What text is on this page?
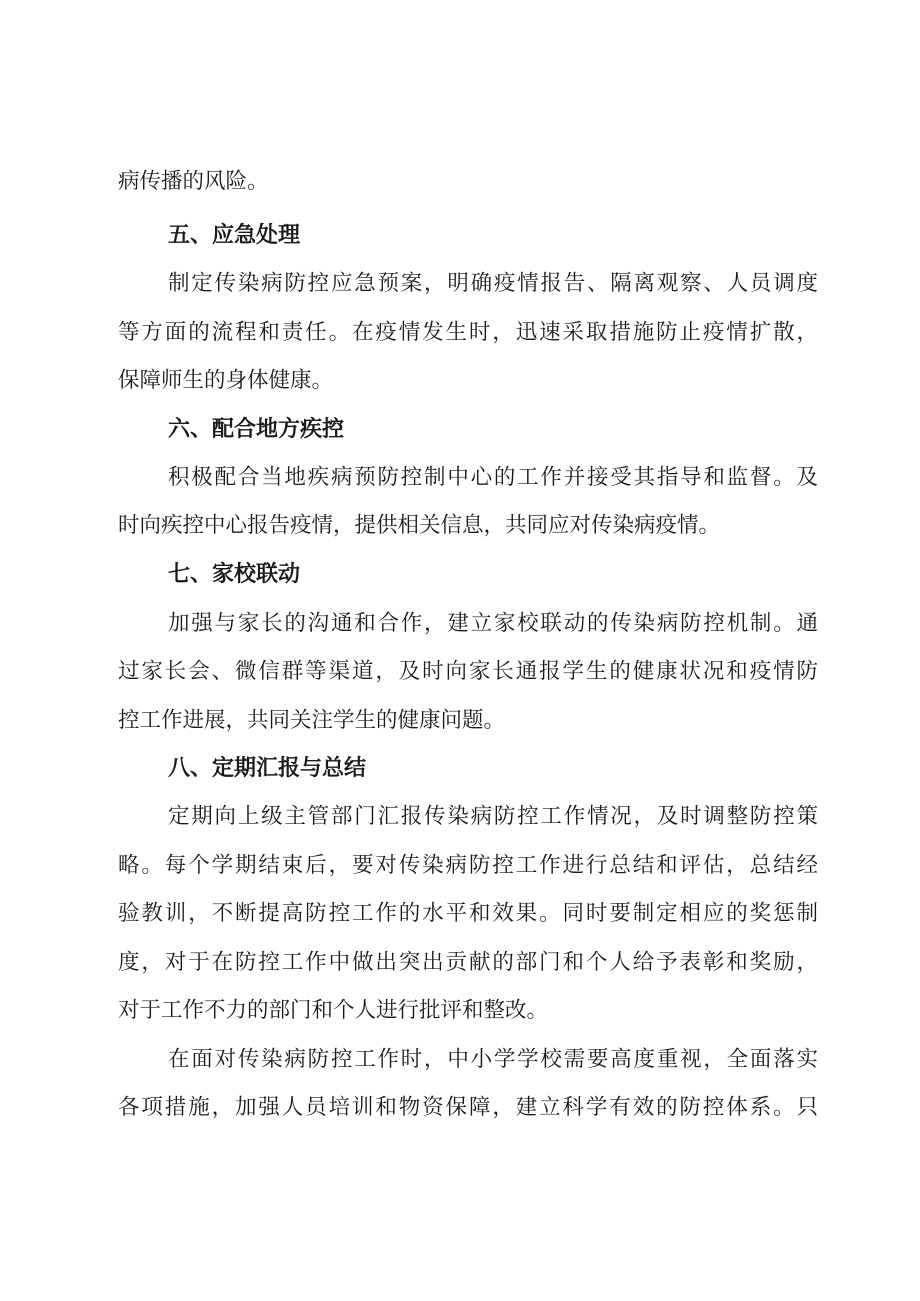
病传播的风险。
五、应急处理
制定传染病防控应急预案，明确疫情报告、隔离观察、人员调度
等方面的流程和责任。在疫情发生时，迅速采取措施防止疫情扩散，
保障师生的身体健康。
六、配合地方疾控
积极配合当地疾病预防控制中心的工作并接受其指导和监督。及
时向疾控中心报告疫情，提供相关信息，共同应对传染病疫情。
七、家校联动
加强与家长的沟通和合作，建立家校联动的传染病防控机制。通
过家长会、微信群等渠道，及时向家长通报学生的健康状况和疫情防
控工作进展，共同关注学生的健康问题。
八、定期汇报与总结
定期向上级主管部门汇报传染病防控工作情况，及时调整防控策
略。每个学期结束后，要对传染病防控工作进行总结和评估，总结经
验教训，不断提高防控工作的水平和效果。同时要制定相应的奖惩制
度，对于在防控工作中做出突出贡献的部门和个人给予表彰和奖励，
对于工作不力的部门和个人进行批评和整改。
在面对传染病防控工作时，中小学学校需要高度重视，全面落实
各项措施，加强人员培训和物资保障，建立科学有效的防控体系。只
